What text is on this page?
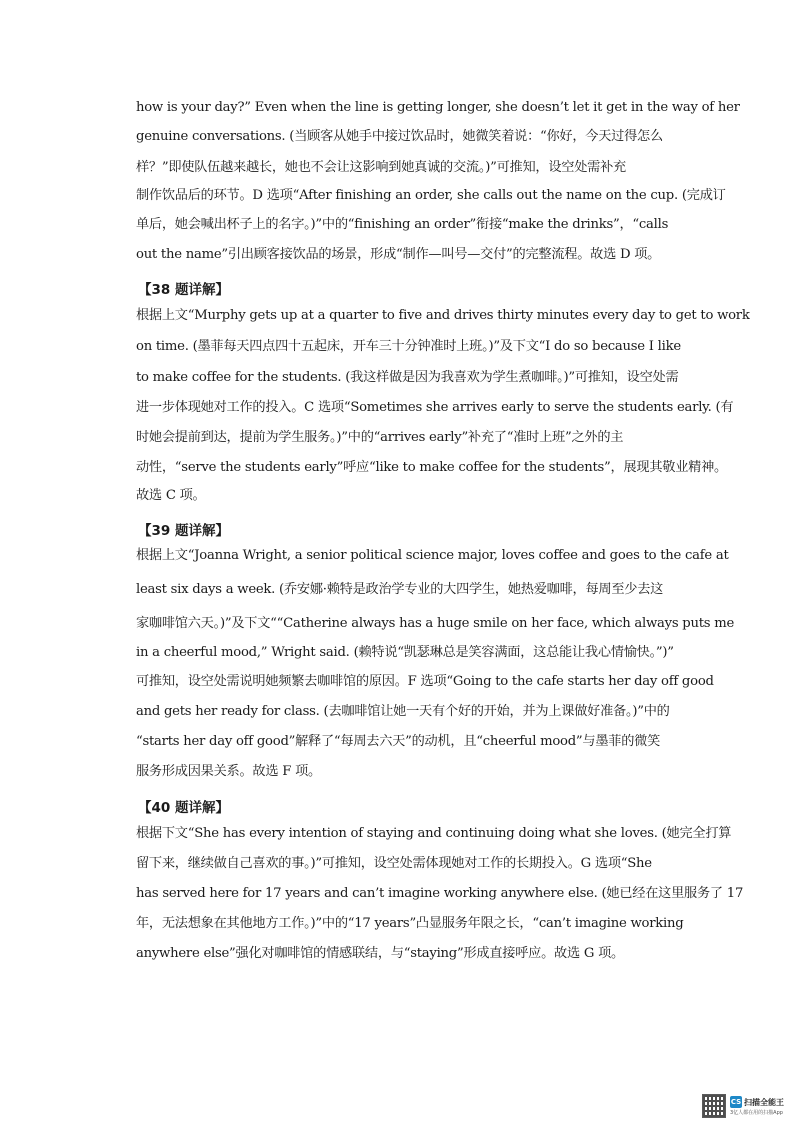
how is your day?” Even when the line is getting longer, she doesn’t let it get in the way of her
genuine conversations. (当顾客从她手中接过饮品时，她微笑着说：“你好，今天过得怎么
样？”即使队伍越来越长，她也不会让这影响到她真诚的交流。)”可推知，设空处需补充
制作饮品后的环节。D 选项“After finishing an order, she calls out the name on the cup. (完成订
单后，她会喊出杯子上的名字。)”中的“finishing an order”衔接“make the drinks”，“calls
out the name”引出顾客接饮品的场景，形成“制作—叫号—交付”的完整流程。故选 D 项。
【38 题详解】
根据上文“Murphy gets up at a quarter to five and drives thirty minutes every day to get to work
on time. (墨菲每天四点四十五起床，开车三十分钟准时上班。)”及下文“I do so because I like
to make coffee for the students. (我这样做是因为我喜欢为学生煮咖啡。)”可推知，设空处需
进一步体现她对工作的投入。C 选项“Sometimes she arrives early to serve the students early. (有
时她会提前到达，提前为学生服务。)”中的“arrives early”补充了“准时上班”之外的主
动性，“serve the students early”呼应“like to make coffee for the students”，展现其敬业精神。
故选 C 项。
【39 题详解】
根据上文“Joanna Wright, a senior political science major, loves coffee and goes to the cafe at
least six days a week. (乔安娜·赖特是政治学专业的大四学生，她热爱咖啡，每周至少去这
家咖啡馆六天。)”及下文““Catherine always has a huge smile on her face, which always puts me
in a cheerful mood,” Wright said. (赖特说“凯瑟琳总是笑容满面，这总能让我心情愉快。”)”
可推知，设空处需说明她频繁去咖啡馆的原因。F 选项“Going to the cafe starts her day off good
and gets her ready for class. (去咖啡馆让她一天有个好的开始，并为上课做好准备。)”中的
“starts her day off good”解释了“每周去六天”的动机，且“cheerful mood”与墨菲的微笑
服务形成因果关系。故选 F 项。
【40 题详解】
根据下文“She has every intention of staying and continuing doing what she loves. (她完全打算
留下来，继续做自己喜欢的事。)”可推知，设空处需体现她对工作的长期投入。G 选项“She
has served here for 17 years and can’t imagine working anywhere else. (她已经在这里服务了 17
年，无法想象在其他地方工作。)”中的“17 years”凸显服务年限之长，“can’t imagine working
anywhere else”强化对咖啡馆的情感联结，与“staying”形成直接呼应。故选 G 项。
CS 扫描全能王
3亿人都在用的扫描App
